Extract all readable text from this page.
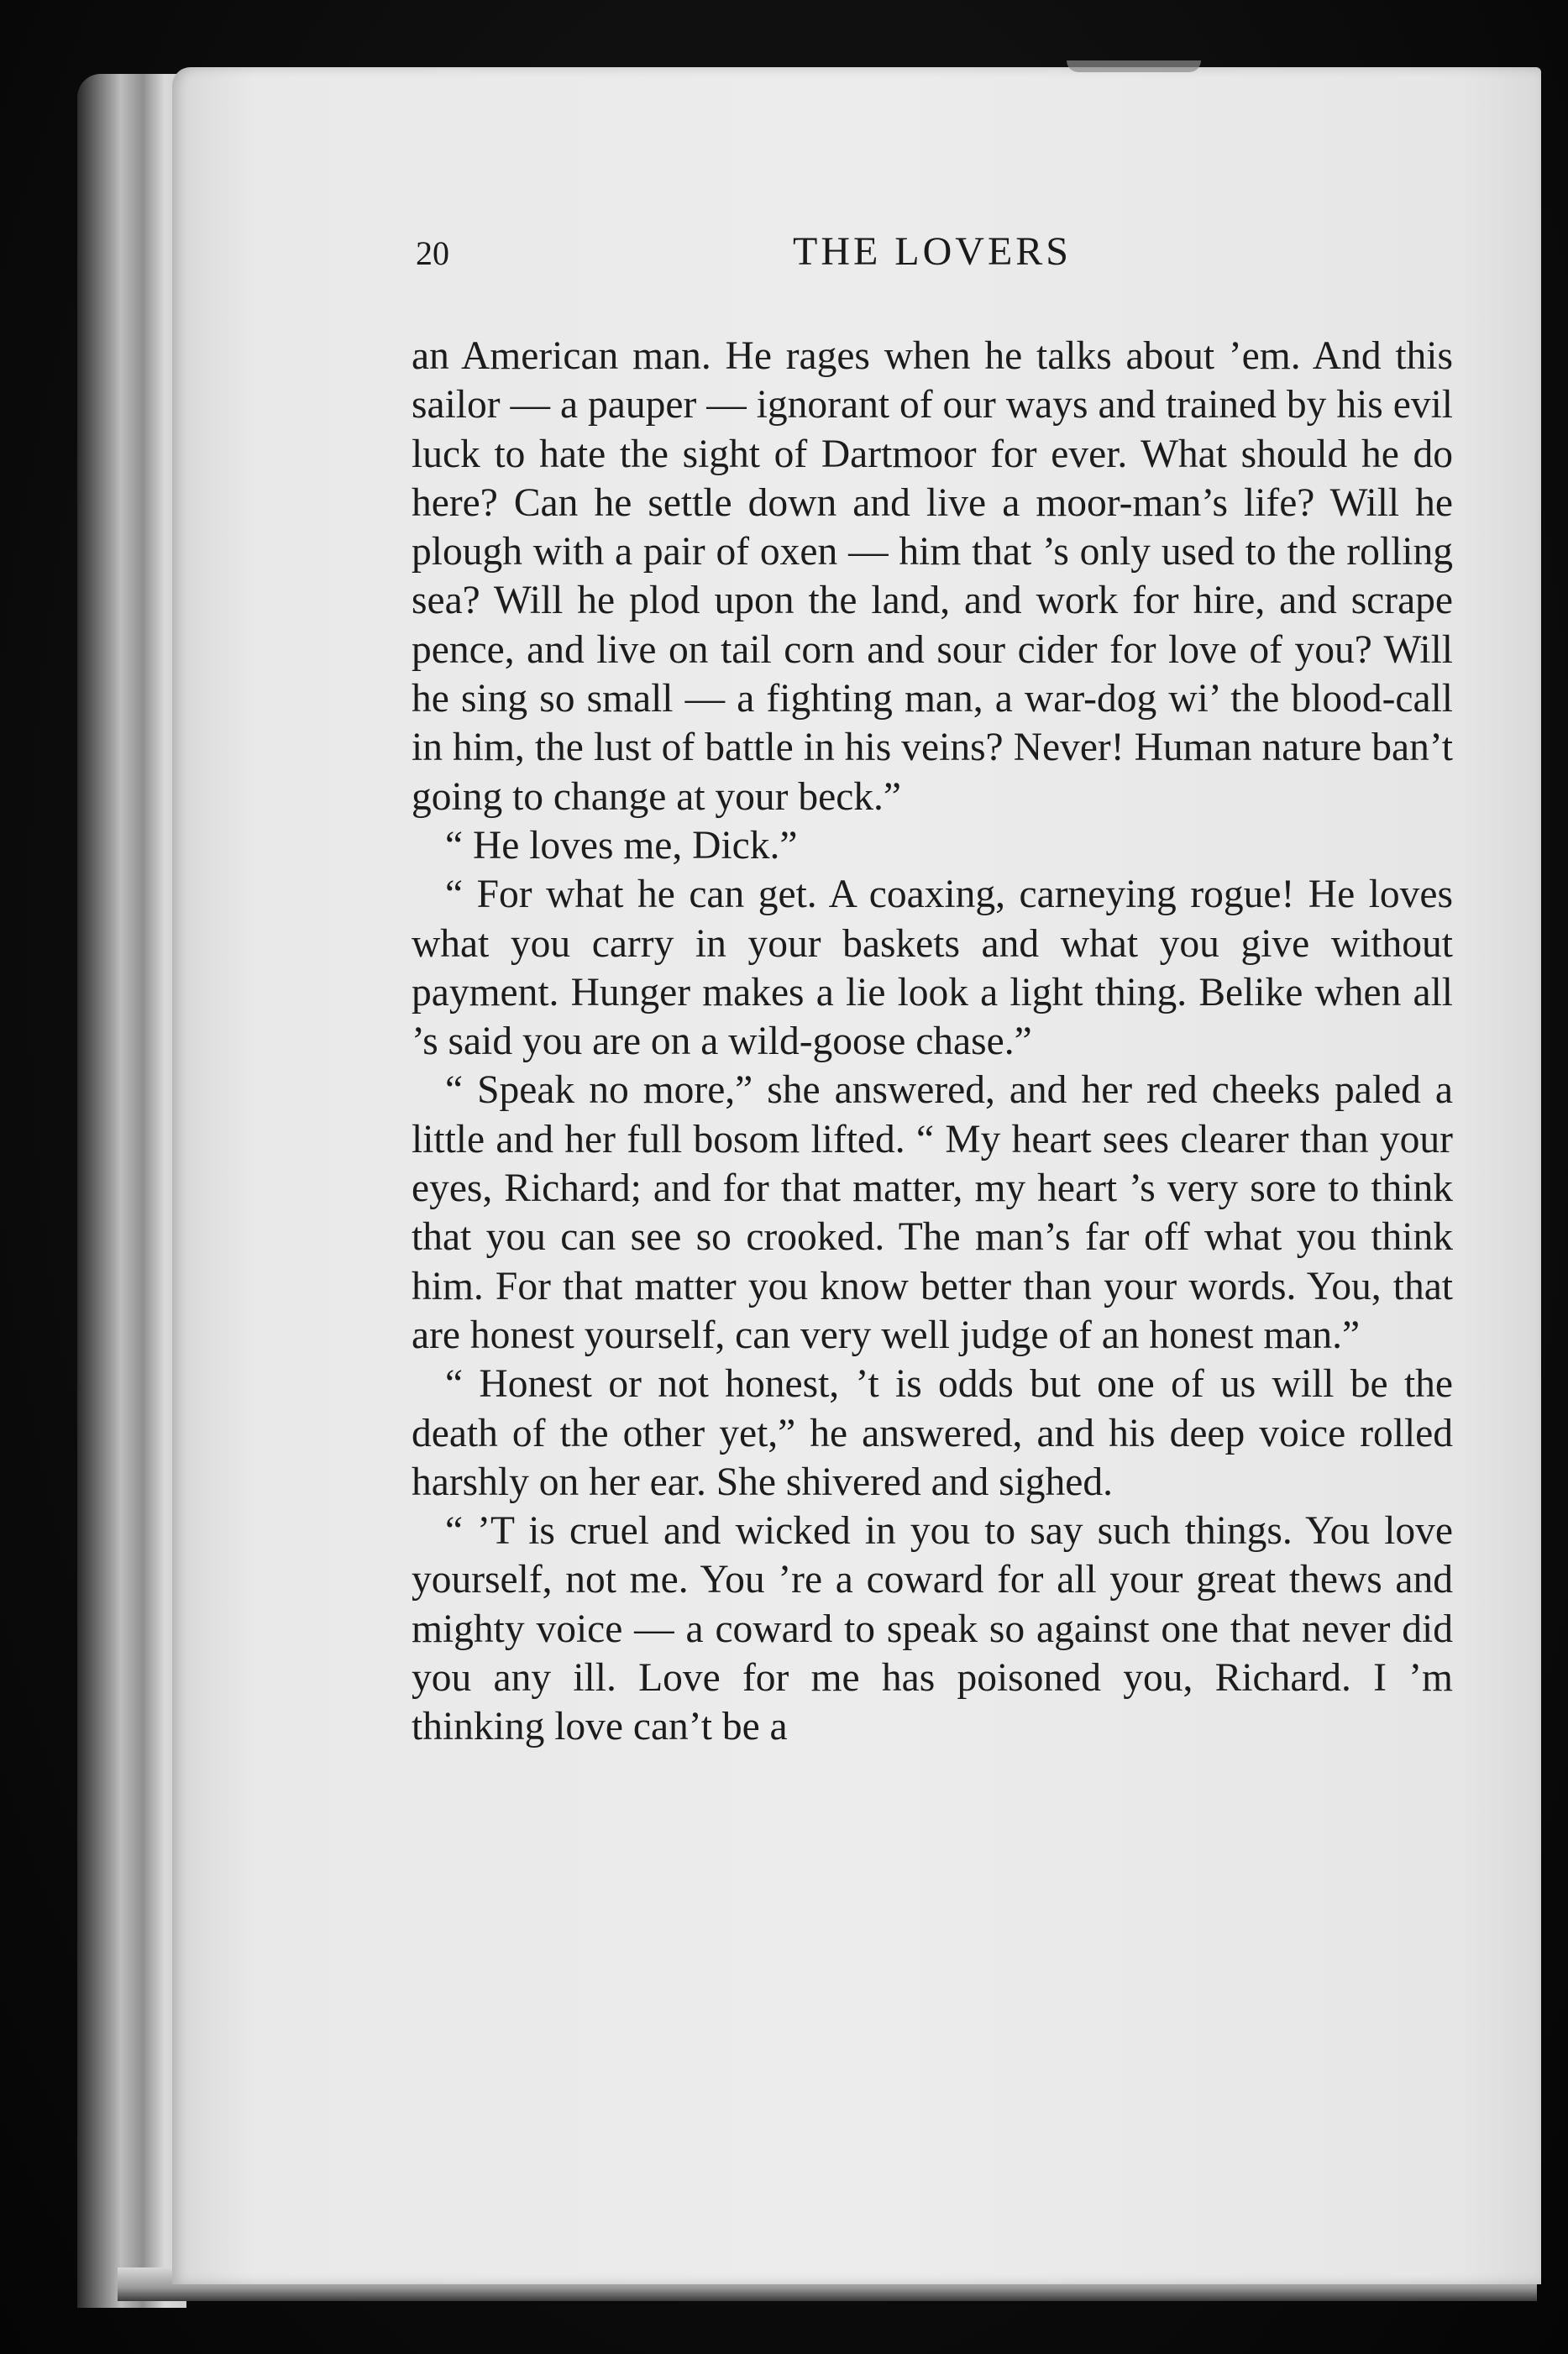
20	THE LOVERS

an American man. He rages when he talks about ’em. And this sailor — a pauper — ignorant of our ways and trained by his evil luck to hate the sight of Dartmoor for ever. What should he do here? Can he settle down and live a moor-man’s life? Will he plough with a pair of oxen — him that ’s only used to the rolling sea? Will he plod upon the land, and work for hire, and scrape pence, and live on tail corn and sour cider for love of you? Will he sing so small — a fighting man, a war-dog wi’ the blood-call in him, the lust of battle in his veins? Never! Human nature ban’t going to change at your beck.”

“ He loves me, Dick.”

“ For what he can get. A coaxing, carneying rogue! He loves what you carry in your baskets and what you give without payment. Hunger makes a lie look a light thing. Belike when all ’s said you are on a wild-goose chase.”

“ Speak no more,” she answered, and her red cheeks paled a little and her full bosom lifted. “ My heart sees clearer than your eyes, Richard; and for that matter, my heart ’s very sore to think that you can see so crooked. The man’s far off what you think him. For that matter you know better than your words. You, that are honest yourself, can very well judge of an honest man.”

“ Honest or not honest, ’t is odds but one of us will be the death of the other yet,” he answered, and his deep voice rolled harshly on her ear. She shivered and sighed.

“ ’T is cruel and wicked in you to say such things. You love yourself, not me. You ’re a coward for all your great thews and mighty voice — a coward to speak so against one that never did you any ill. Love for me has poisoned you, Richard. I ’m thinking love can’t be a
